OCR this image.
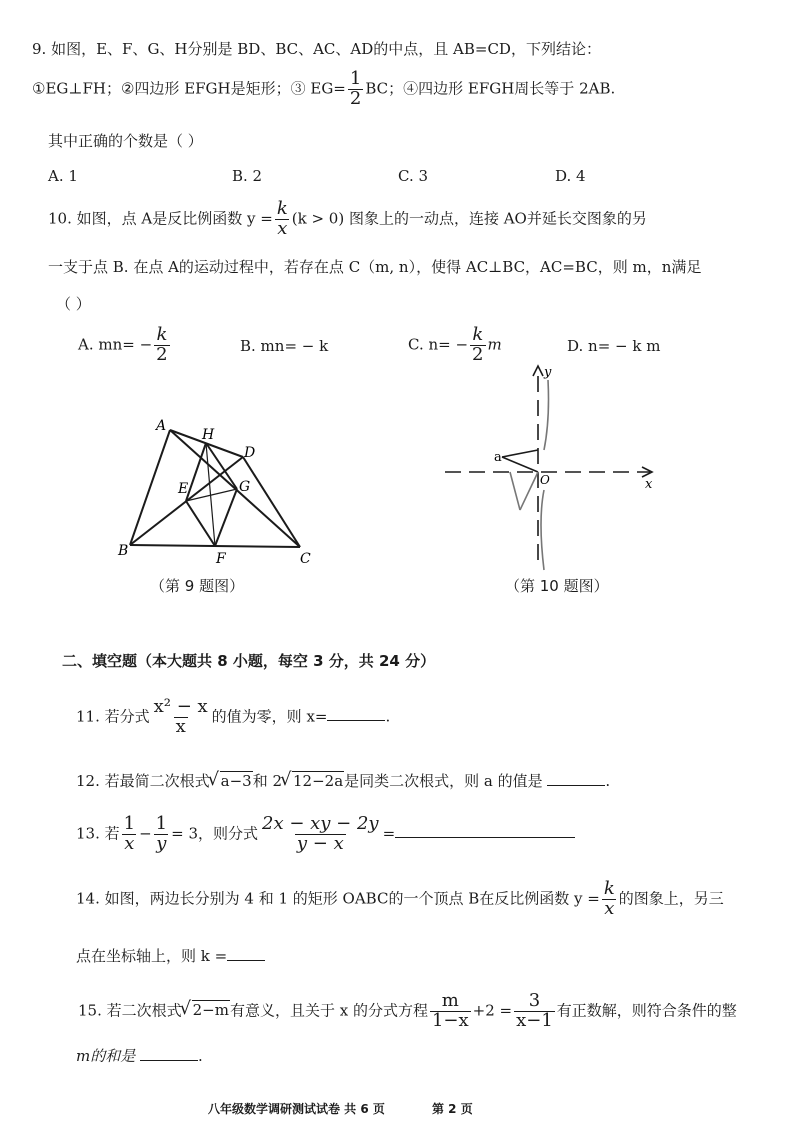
9. 如图，E、F、G、H分别是 BD、BC、AC、AD的中点，且 AB=CD，下列结论：
①EG⊥FH；②四边形 EFGH是矩形；③ $EG= \frac{1}{2}$ BC；④四边形 EFGH周长等于 2AB.
其中正确的个数是（ ）
A. 1	B. 2	C. 3	D. 4
10. 如图，点 A是反比例函数 $y = \frac{k}{x} (k > 0)$ 图象上的一动点，连接 AO并延长交图象的另
一支于点 B. 在点 A的运动过程中，若存在点 C（m, n），使得 AC⊥BC，AC=BC，则 m，n满足
（ ）
A. $mn= - \frac{k}{2}$	B. mn= − k	C. $n= - \frac{k}{2}$ m	D. n= − k m
A
H
D
E	G
B	F	C
（第 9 题图）
a
O
y
x
（第 10 题图）
二、填空题（本大题共 8 小题，每空 3 分，共 24 分）
11. 若分式 $\frac{\text{x² − x}}{x}$ 的值为零，则 x=	.
12. 若最简二次根式 √ a−3和 2 √ 12−2a是同类二次根式，则 a 的值是	.
13. 若 $\frac{1}{x} - \frac{1}{y} = 3$，则分式 $\frac{2x - xy - 2y}{y - x}$ =
14. 如图，两边长分别为 4 和 1 的矩形 OABC的一个顶点 B在反比例函数 $y = \frac{k}{x}$ 的图象上，另三
点在坐标轴上，则 k =
15. 若二次根式 √ 2−m有意义，且关于 x 的分式方程 $\frac{m}{1-x} +2 = \frac{3}{x-1}$ 有正数解，则符合条件的整
m的和是	.
八年级数学调研测试试卷 共 6 页	第 2 页
